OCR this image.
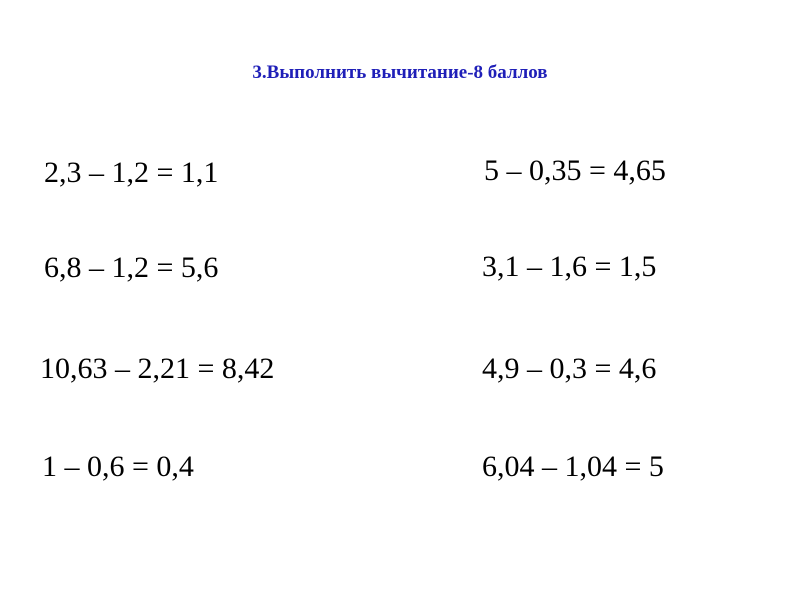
3.Выполнить вычитание-8 баллов
2,3 – 1,2 = 1,1
6,8 – 1,2 = 5,6
10,63 – 2,21 = 8,42
1 – 0,6 = 0,4
5 – 0,35 = 4,65
3,1 – 1,6 = 1,5
4,9 – 0,3 = 4,6
6,04 – 1,04 = 5
